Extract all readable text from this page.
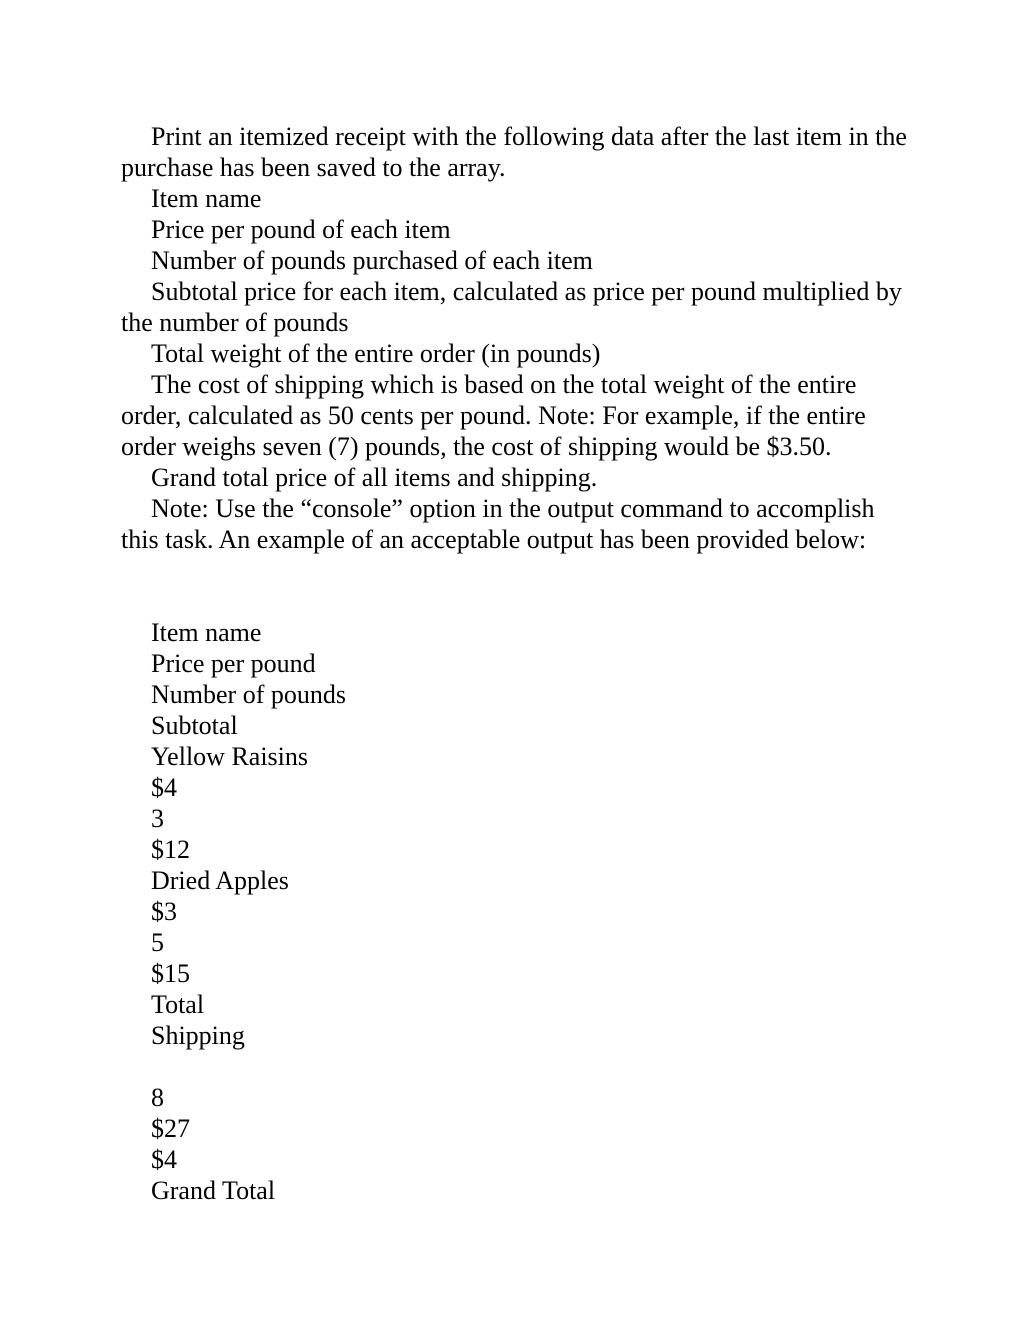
Print an itemized receipt with the following data after the last item in the purchase has been saved to the array.

Item name

Price per pound of each item

Number of pounds purchased of each item

Subtotal price for each item, calculated as price per pound multiplied by the number of pounds

Total weight of the entire order (in pounds)

The cost of shipping which is based on the total weight of the entire order, calculated as 50 cents per pound. Note: For example, if the entire order weighs seven (7) pounds, the cost of shipping would be $3.50.

Grand total price of all items and shipping.

Note: Use the “console” option in the output command to accomplish this task. An example of an acceptable output has been provided below:

Item name

Price per pound

Number of pounds

Subtotal

Yellow Raisins

$4

3

$12

Dried Apples

$3

5

$15

Total

Shipping

8

$27

$4

Grand Total
